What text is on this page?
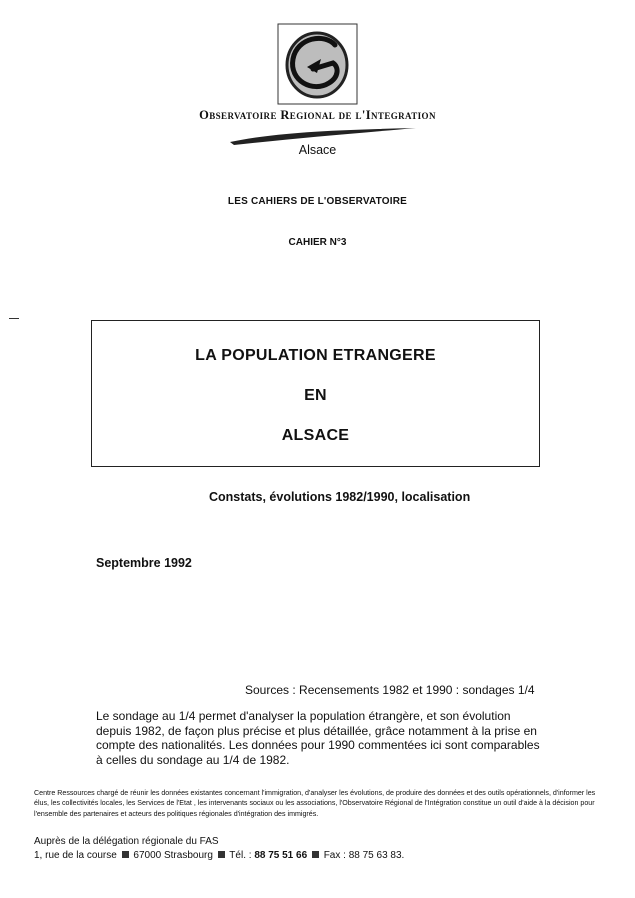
Observatoire Regional de l'Integration
Alsace
LES CAHIERS DE L'OBSERVATOIRE
CAHIER N°3
LA POPULATION ETRANGERE
EN
ALSACE
Constats, évolutions 1982/1990, localisation
Septembre 1992
Sources : Recensements 1982 et 1990 : sondages 1/4

Le sondage au 1/4 permet d'analyser la population étrangère, et son évolution depuis 1982, de façon plus précise et plus détaillée, grâce notamment à la prise en compte des nationalités. Les données pour 1990 commentées ici sont comparables à celles du sondage au 1/4 de 1982.

Centre Ressources chargé de réunir les données existantes concernant l'immigration, d'analyser les évolutions, de produire des données et des outils opérationnels, d'informer les élus, les collectivités locales, les Services de l'Etat , les intervenants sociaux ou les associations, l'Observatoire Régional de l'Intégration constitue un outil d'aide à la décision pour l'ensemble des partenaires et acteurs des politiques régionales d'intégration des immigrés.

Auprès de la délégation régionale du FAS
1, rue de la course 67000 Strasbourg Tél. : 88 75 51 66 Fax : 88 75 63 83.
